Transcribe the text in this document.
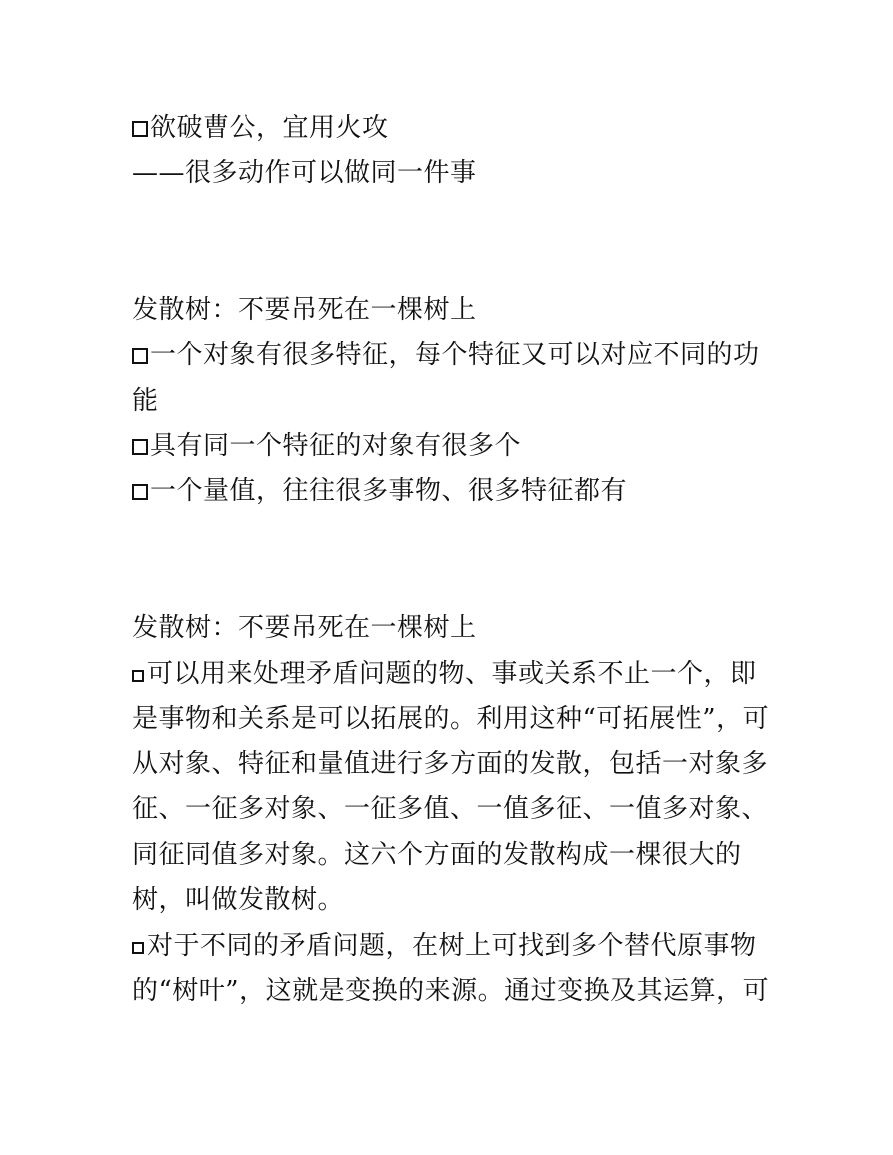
欲破曹公，宜用火攻
——很多动作可以做同一件事
发散树：不要吊死在一棵树上
一个对象有很多特征，每个特征又可以对应不同的功
能
具有同一个特征的对象有很多个
一个量值，往往很多事物、很多特征都有
发散树：不要吊死在一棵树上
可以用来处理矛盾问题的物、事或关系不止一个，即
是事物和关系是可以拓展的。利用这种“可拓展性”，可
从对象、特征和量值进行多方面的发散，包括一对象多
征、一征多对象、一征多值、一值多征、一值多对象、
同征同值多对象。这六个方面的发散构成一棵很大的
树，叫做发散树。
对于不同的矛盾问题，在树上可找到多个替代原事物
的“树叶”，这就是变换的来源。通过变换及其运算，可
